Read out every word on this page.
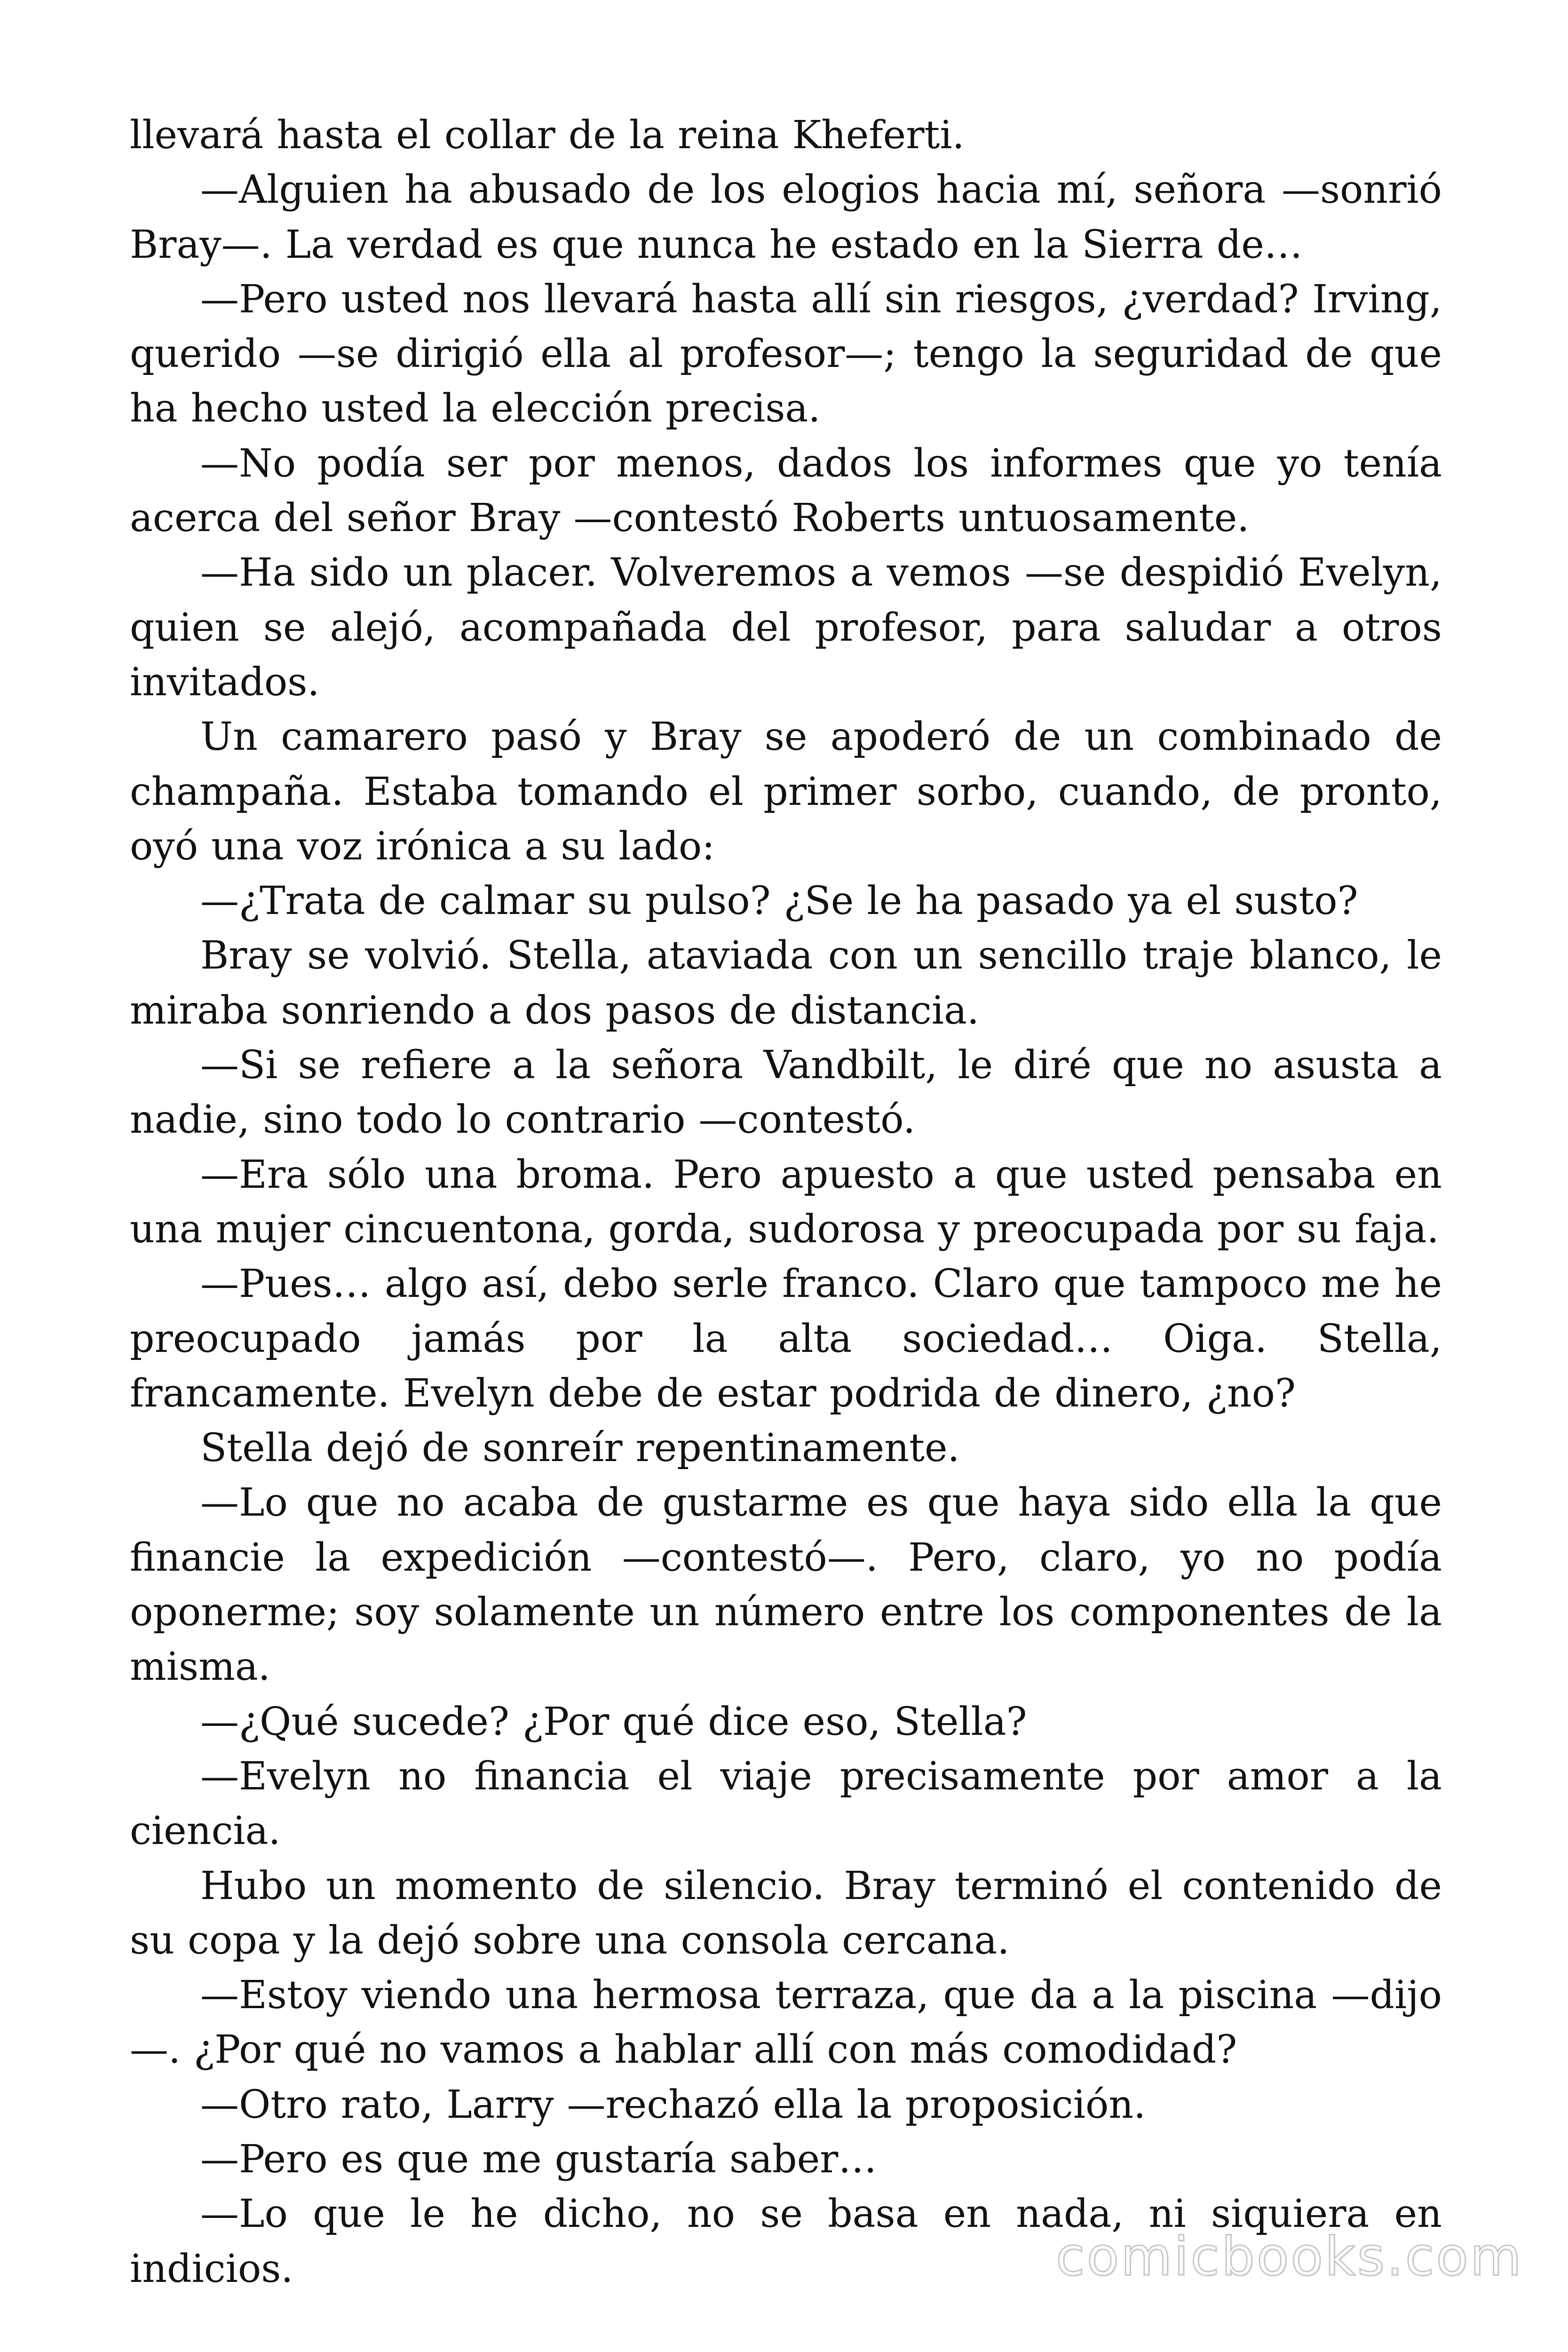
llevará hasta el collar de la reina Kheferti.

—Alguien ha abusado de los elogios hacia mí, señora —sonrió Bray—. La verdad es que nunca he estado en la Sierra de…

—Pero usted nos llevará hasta allí sin riesgos, ¿verdad? Irving, querido —se dirigió ella al profesor—; tengo la seguridad de que ha hecho usted la elección precisa.

—No podía ser por menos, dados los informes que yo tenía acerca del señor Bray —contestó Roberts untuosamente.

—Ha sido un placer. Volveremos a vemos —se despidió Evelyn, quien se alejó, acompañada del profesor, para saludar a otros invitados.

Un camarero pasó y Bray se apoderó de un combinado de champaña. Estaba tomando el primer sorbo, cuando, de pronto, oyó una voz irónica a su lado:

—¿Trata de calmar su pulso? ¿Se le ha pasado ya el susto?

Bray se volvió. Stella, ataviada con un sencillo traje blanco, le miraba sonriendo a dos pasos de distancia.

—Si se refiere a la señora Vandbilt, le diré que no asusta a nadie, sino todo lo contrario —contestó.

—Era sólo una broma. Pero apuesto a que usted pensaba en una mujer cincuentona, gorda, sudorosa y preocupada por su faja.

—Pues… algo así, debo serle franco. Claro que tampoco me he preocupado jamás por la alta sociedad… Oiga. Stella, francamente. Evelyn debe de estar podrida de dinero, ¿no?

Stella dejó de sonreír repentinamente.

—Lo que no acaba de gustarme es que haya sido ella la que financie la expedición —contestó—. Pero, claro, yo no podía oponerme; soy solamente un número entre los componentes de la misma.

—¿Qué sucede? ¿Por qué dice eso, Stella?

—Evelyn no financia el viaje precisamente por amor a la ciencia.

Hubo un momento de silencio. Bray terminó el contenido de su copa y la dejó sobre una consola cercana.

—Estoy viendo una hermosa terraza, que da a la piscina —dijo —. ¿Por qué no vamos a hablar allí con más comodidad?

—Otro rato, Larry —rechazó ella la proposición.

—Pero es que me gustaría saber…

—Lo que le he dicho, no se basa en nada, ni siquiera en indicios.	comicbooks.com
